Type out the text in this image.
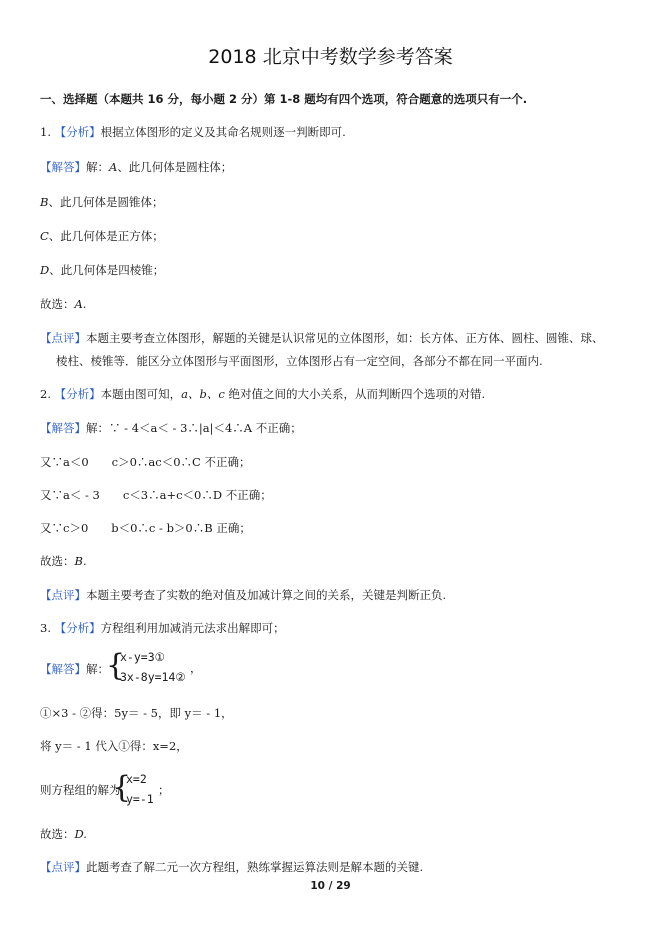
2018 北京中考数学参考答案
一、选择题（本题共 16 分，每小题 2 分）第 1-8 题均有四个选项，符合题意的选项只有一个.
1. 【分析】根据立体图形的定义及其命名规则逐一判断即可.
【解答】解：A、此几何体是圆柱体；
B、此几何体是圆锥体；
C、此几何体是正方体；
D、此几何体是四棱锥；
故选：A.
【点评】本题主要考查立体图形，解题的关键是认识常见的立体图形，如：长方体、正方体、圆柱、圆锥、球、
棱柱、棱锥等．能区分立体图形与平面图形，立体图形占有一定空间，各部分不都在同一平面内.
2. 【分析】本题由图可知，a、b、c 绝对值之间的大小关系，从而判断四个选项的对错.
【解答】解：∵ - 4＜a＜ - 3∴|a|＜4∴A 不正确；
又∵a＜0　　c＞0∴ac＜0∴C 不正确；
又∵a＜ - 3　　c＜3∴a+c＜0∴D 不正确；
又∵c＞0　　b＜0∴c - b＞0∴B 正确；
故选：B.
【点评】本题主要考查了实数的绝对值及加减计算之间的关系，关键是判断正负.
3. 【分析】方程组利用加减消元法求出解即可；
【解答】解：
{
x-y=3①
3x-8y=14②
，
①×3 - ②得：5y＝ - 5，即 y＝ - 1，
将 y＝ - 1 代入①得：x=2，
则方程组的解为
{
x=2
y=-1
；
故选：D.
【点评】此题考查了解二元一次方程组，熟练掌握运算法则是解本题的关键.
10 / 29
